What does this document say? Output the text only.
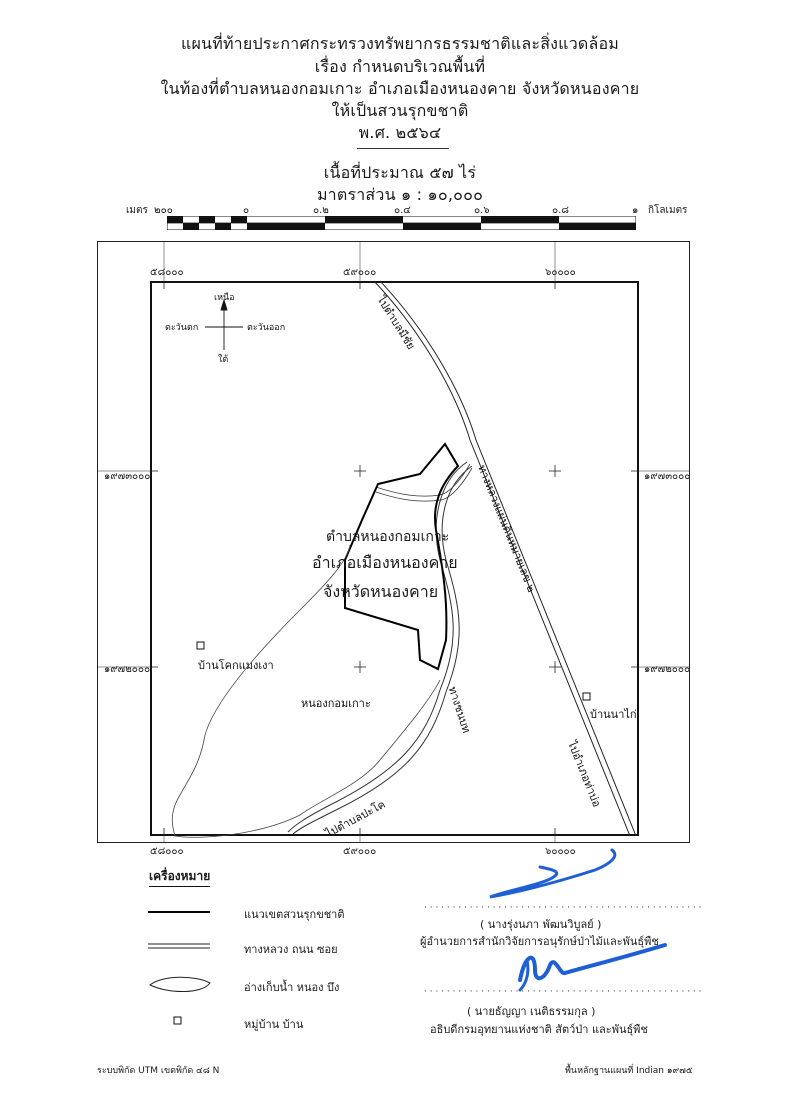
แผนที่ท้ายประกาศกระทรวงทรัพยากรธรรมชาติและสิ่งแวดล้อม
เรื่อง กำหนดบริเวณพื้นที่
ในท้องที่ตำบลหนองกอมเกาะ อำเภอเมืองหนองคาย จังหวัดหนองคาย
ให้เป็นสวนรุกขชาติ
พ.ศ. ๒๕๖๔
เนื้อที่ประมาณ ๕๗ ไร่
มาตราส่วน ๑ : ๑๐,๐๐๐
เมตร ๒๐๐	๐	๐.๒	๐.๔	๐.๖	๐.๘	๑ กิโลเมตร
๕๘๐๐๐	๕๙๐๐๐	๖๐๐๐๐
๕๘๐๐๐	๕๙๐๐๐	๖๐๐๐๐
๑๙๗๓๐๐๐
๑๙๗๒๐๐๐
๑๙๗๓๐๐๐
๑๙๗๒๐๐๐
เหนือ
ใต้
ตะวันตก	ตะวันออก	ไปตำบลมีชัย
ทางหลวงแผ่นดินหมายเลข ๒
ตำบลหนองกอมเกาะ
อำเภอเมืองหนองคาย
จังหวัดหนองคาย
บ้านโคกแมงเงา
บ้านนาไก่
หนองกอมเกาะ	ทางชนบท
ไปอำเภอท่าบ่อ
ไปตำบลปะโค
เครื่องหมาย
แนวเขตสวนรุกขชาติ
ทางหลวง ถนน ซอย
อ่างเก็บน้ำ หนอง บึง
หมู่บ้าน บ้าน
· · · · · · · · · · · · · · · · · · · · · · · · · · · · · · · · · · · · · · · · · · · · · · · · ·
( นางรุ่งนภา พัฒนวิบูลย์ )
ผู้อำนวยการสำนักวิจัยการอนุรักษ์ป่าไม้และพันธุ์พืช
· · · · · · · · · · · · · · · · · · · · · · · · · · · · · · · · · · · · · · · · · · · · · · · · ·
( นายธัญญา เนติธรรมกุล )
อธิบดีกรมอุทยานแห่งชาติ สัตว์ป่า และพันธุ์พืช
ระบบพิกัด UTM เขตพิกัด ๔๘ N	พื้นหลักฐานแผนที่ Indian ๑๙๗๕
